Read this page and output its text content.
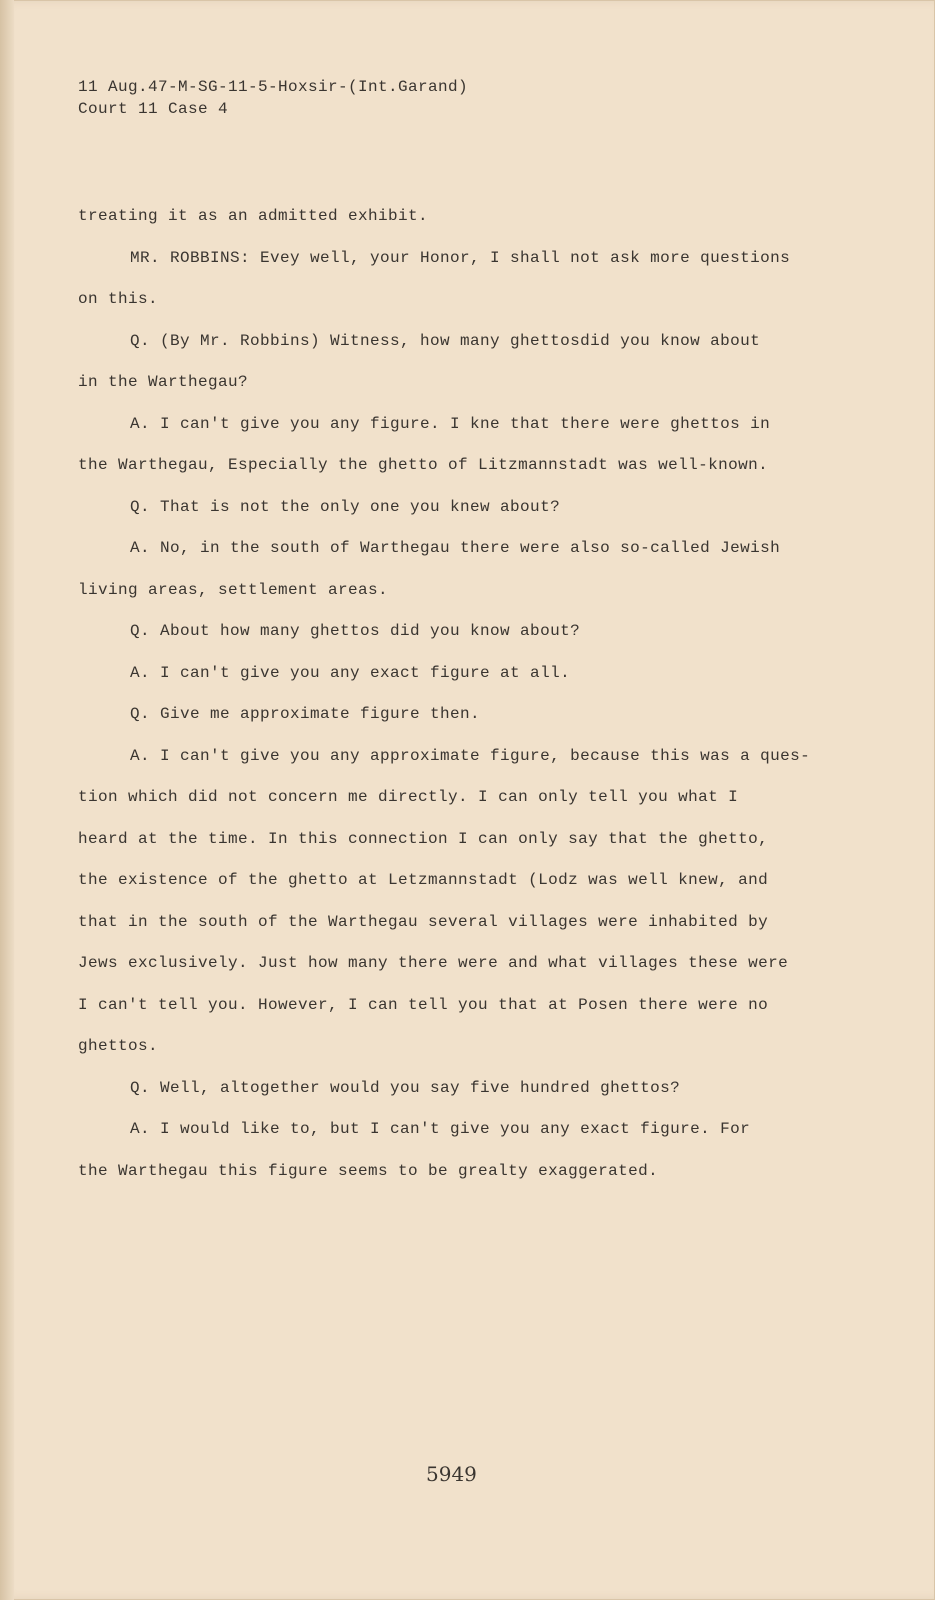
11 Aug.47-M-SG-11-5-Hoxsir-(Int.Garand)
Court 11 Case 4
treating it as an admitted exhibit.
MR. ROBBINS: Evey well, your Honor, I shall not ask more questions
on this.
Q. (By Mr. Robbins) Witness, how many ghettosdid you know about
in the Warthegau?
A. I can't give you any figure. I kne that there were ghettos in
the Warthegau, Especially the ghetto of Litzmannstadt was well-known.
Q. That is not the only one you knew about?
A. No, in the south of Warthegau there were also so-called Jewish
living areas, settlement areas.
Q. About how many ghettos did you know about?
A. I can't give you any exact figure at all.
Q. Give me approximate figure then.
A. I can't give you any approximate figure, because this was a ques-
tion which did not concern me directly. I can only tell you what I
heard at the time. In this connection I can only say that the ghetto,
the existence of the ghetto at Letzmannstadt (Lodz was well knew, and
that in the south of the Warthegau several villages were inhabited by
Jews exclusively. Just how many there were and what villages these were
I can't tell you. However, I can tell you that at Posen there were no
ghettos.
Q. Well, altogether would you say five hundred ghettos?
A. I would like to, but I can't give you any exact figure. For
the Warthegau this figure seems to be grealty exaggerated.
5949
